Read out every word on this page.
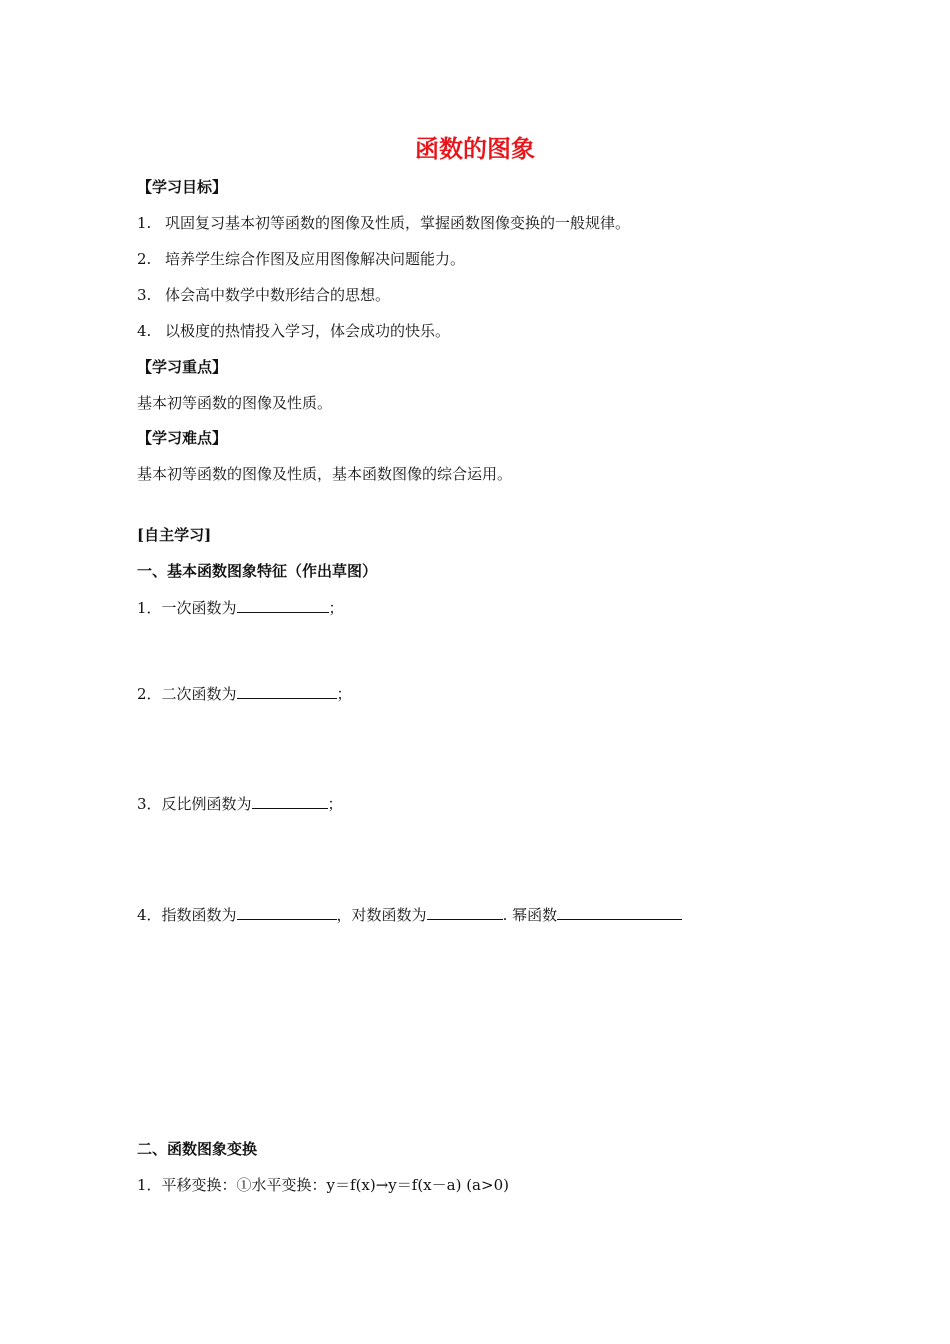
函数的图象
【学习目标】
1. 巩固复习基本初等函数的图像及性质，掌握函数图像变换的一般规律。
2. 培养学生综合作图及应用图像解决问题能力。
3. 体会高中数学中数形结合的思想。
4. 以极度的热情投入学习，体会成功的快乐。
【学习重点】
基本初等函数的图像及性质。
【学习难点】
基本初等函数的图像及性质，基本函数图像的综合运用。
[自主学习]
一、基本函数图象特征（作出草图）
1．一次函数为	；
2．二次函数为	；
3．反比例函数为	；
4．指数函数为	，对数函数为	. 幂函数
二、函数图象变换
1．平移变换：①水平变换：y＝f(x)→y＝f(x－a) (a>0)
